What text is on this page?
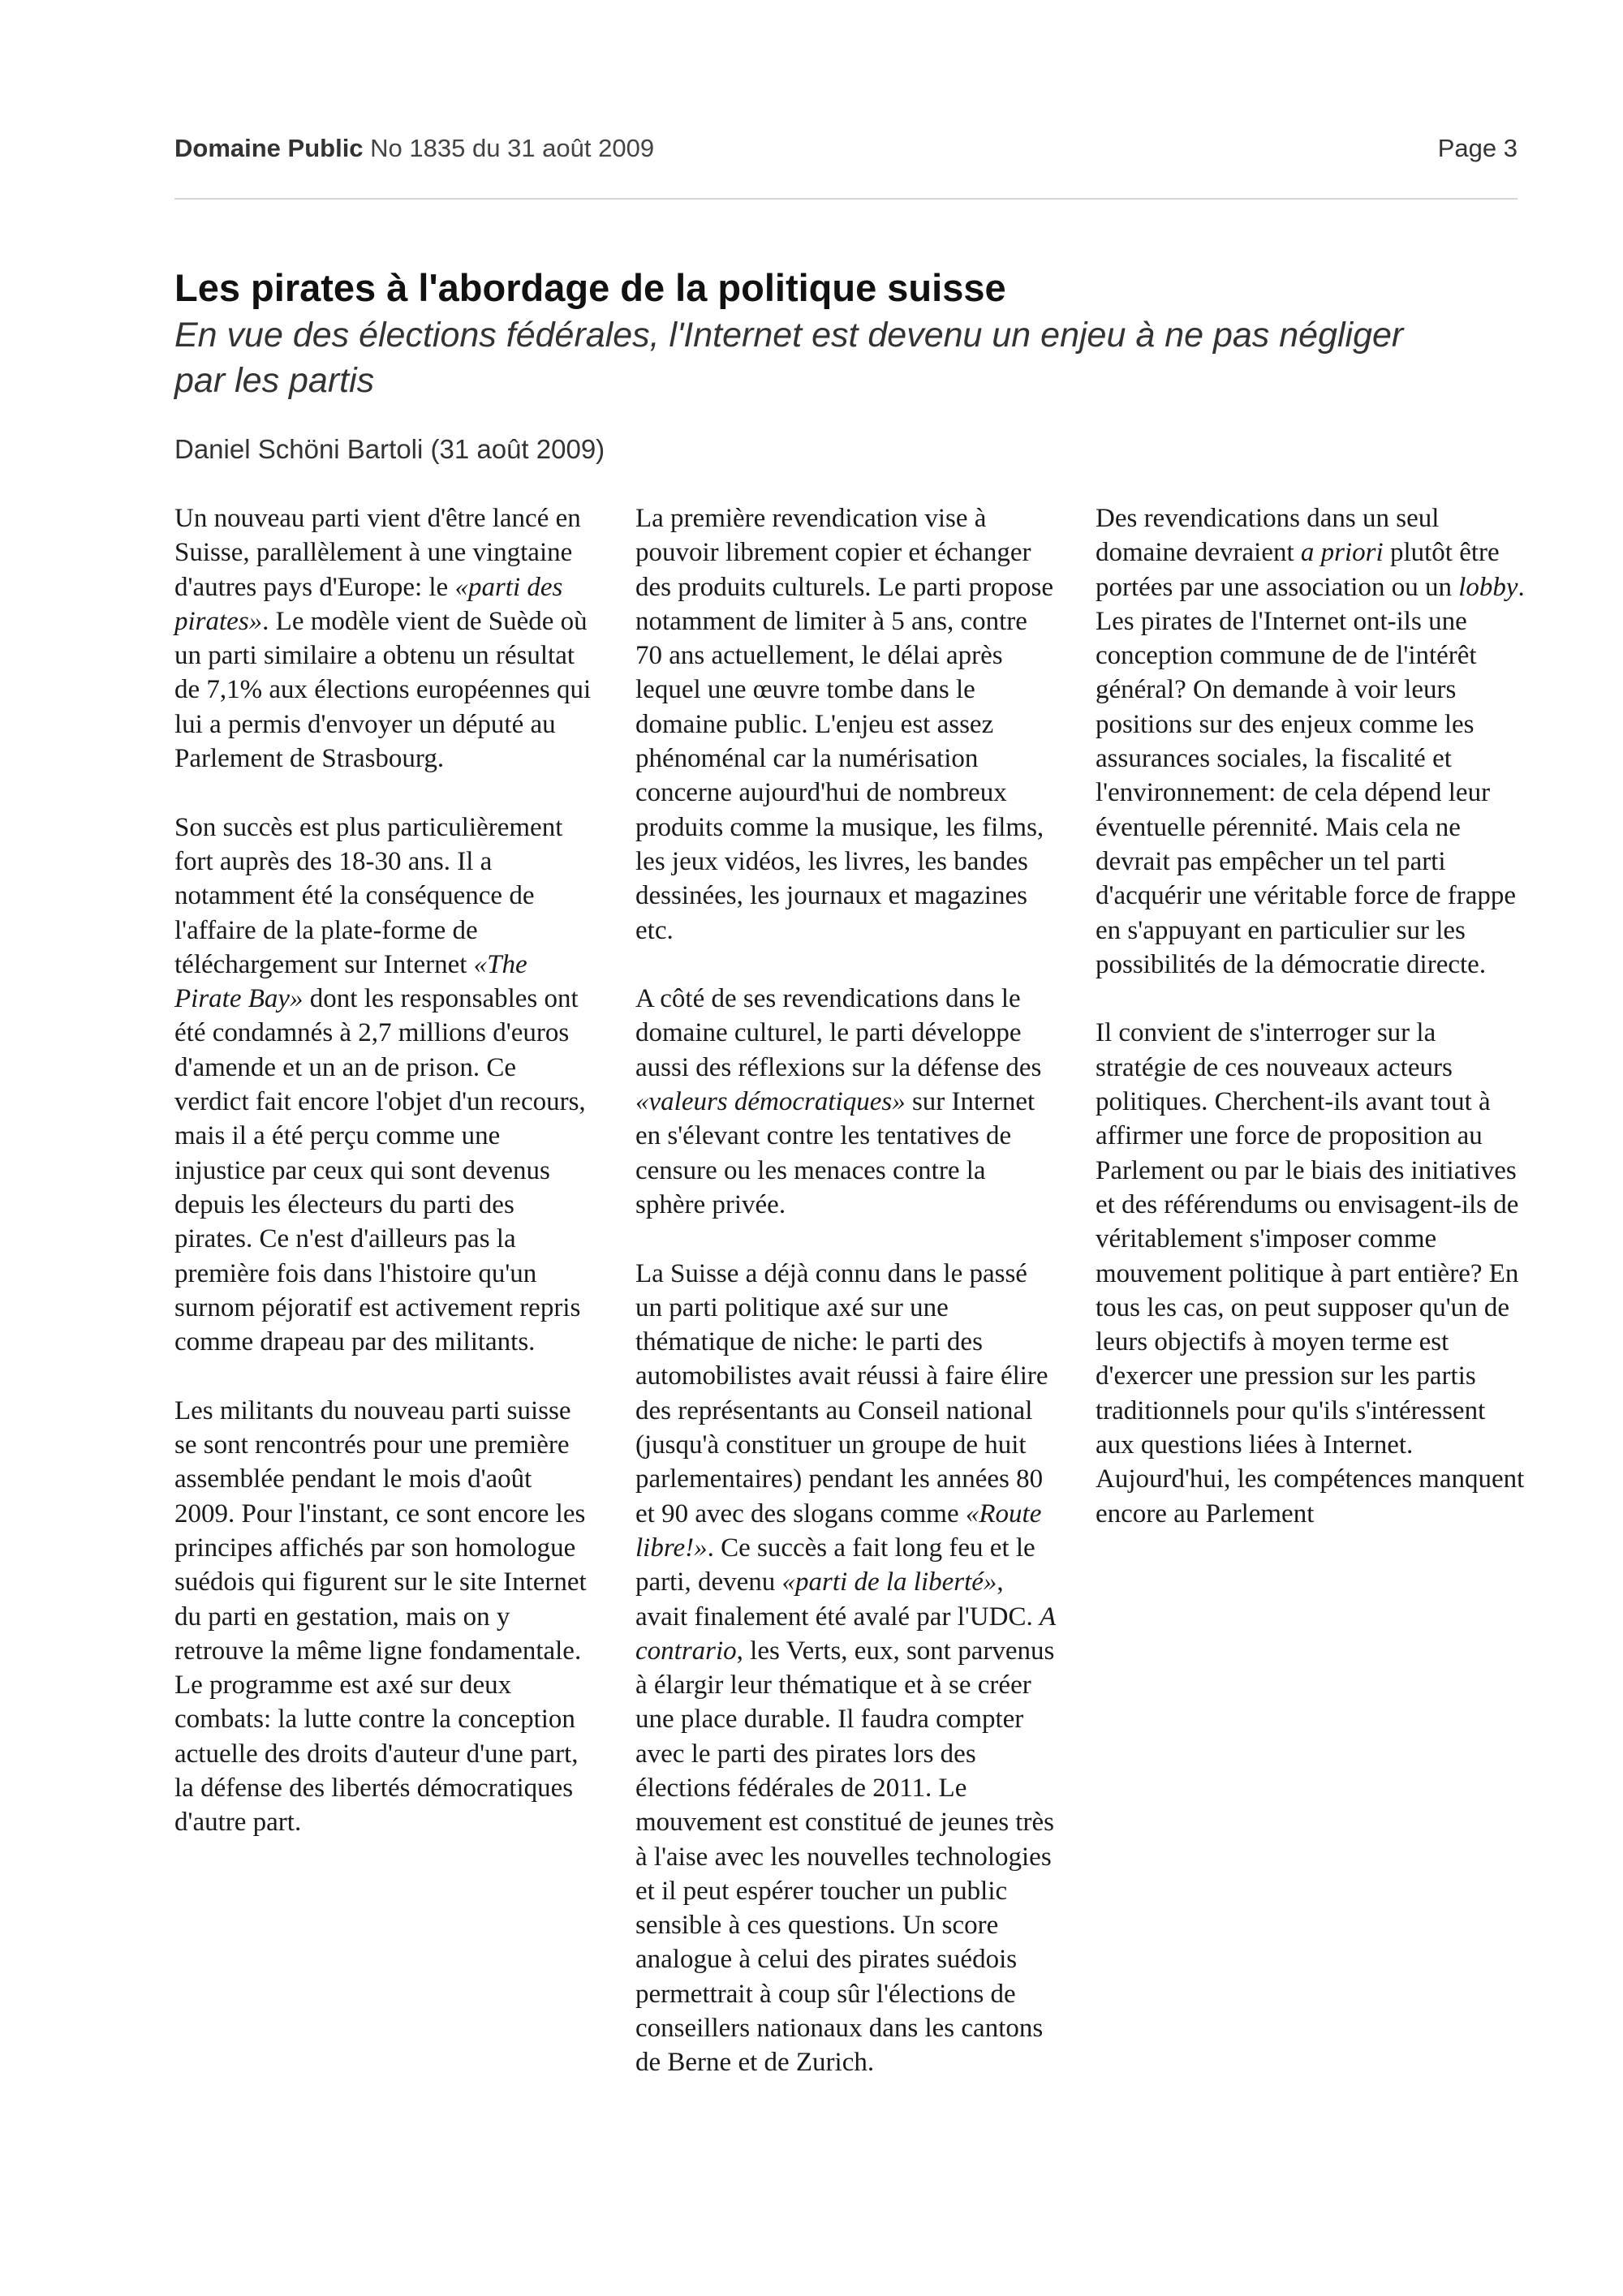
Domaine Public No 1835 du 31 août 2009	Page 3
Les pirates à l'abordage de la politique suisse

En vue des élections fédérales, l'Internet est devenu un enjeu à ne pas négliger par les partis

Daniel Schöni Bartoli (31 août 2009)

Un nouveau parti vient d'être lancé en Suisse, parallèlement à une vingtaine d'autres pays d'Europe: le «parti des pirates». Le modèle vient de Suède où un parti similaire a obtenu un résultat de 7,1% aux élections européennes qui lui a permis d'envoyer un député au Parlement de Strasbourg.

Son succès est plus particulièrement fort auprès des 18-30 ans. Il a notamment été la conséquence de l'affaire de la plate-forme de téléchargement sur Internet «The Pirate Bay» dont les responsables ont été condamnés à 2,7 millions d'euros d'amende et un an de prison. Ce verdict fait encore l'objet d'un recours, mais il a été perçu comme une injustice par ceux qui sont devenus depuis les électeurs du parti des pirates. Ce n'est d'ailleurs pas la première fois dans l'histoire qu'un surnom péjoratif est activement repris comme drapeau par des militants.

Les militants du nouveau parti suisse se sont rencontrés pour une première assemblée pendant le mois d'août 2009. Pour l'instant, ce sont encore les principes affichés par son homologue suédois qui figurent sur le site Internet du parti en gestation, mais on y retrouve la même ligne fondamentale. Le programme est axé sur deux combats: la lutte contre la conception actuelle des droits d'auteur d'une part, la défense des libertés démocratiques d'autre part.

La première revendication vise à pouvoir librement copier et échanger des produits culturels. Le parti propose notamment de limiter à 5 ans, contre 70 ans actuellement, le délai après lequel une œuvre tombe dans le domaine public. L'enjeu est assez phénoménal car la numérisation concerne aujourd'hui de nombreux produits comme la musique, les films, les jeux vidéos, les livres, les bandes dessinées, les journaux et magazines etc.

A côté de ses revendications dans le domaine culturel, le parti développe aussi des réflexions sur la défense des «valeurs démocratiques» sur Internet en s'élevant contre les tentatives de censure ou les menaces contre la sphère privée.

La Suisse a déjà connu dans le passé un parti politique axé sur une thématique de niche: le parti des automobilistes avait réussi à faire élire des représentants au Conseil national (jusqu'à constituer un groupe de huit parlementaires) pendant les années 80 et 90 avec des slogans comme «Route libre!». Ce succès a fait long feu et le parti, devenu «parti de la liberté», avait finalement été avalé par l'UDC. A contrario, les Verts, eux, sont parvenus à élargir leur thématique et à se créer une place durable. Il faudra compter avec le parti des pirates lors des élections fédérales de 2011. Le mouvement est constitué de jeunes très à l'aise avec les nouvelles technologies et il peut espérer toucher un public sensible à ces questions. Un score analogue à celui des pirates suédois permettrait à coup sûr l'élections de conseillers nationaux dans les cantons de Berne et de Zurich.

Des revendications dans un seul domaine devraient a priori plutôt être portées par une association ou un lobby. Les pirates de l'Internet ont-ils une conception commune de de l'intérêt général? On demande à voir leurs positions sur des enjeux comme les assurances sociales, la fiscalité et l'environnement: de cela dépend leur éventuelle pérennité. Mais cela ne devrait pas empêcher un tel parti d'acquérir une véritable force de frappe en s'appuyant en particulier sur les possibilités de la démocratie directe.

Il convient de s'interroger sur la stratégie de ces nouveaux acteurs politiques. Cherchent-ils avant tout à affirmer une force de proposition au Parlement ou par le biais des initiatives et des référendums ou envisagent-ils de véritablement s'imposer comme mouvement politique à part entière? En tous les cas, on peut supposer qu'un de leurs objectifs à moyen terme est d'exercer une pression sur les partis traditionnels pour qu'ils s'intéressent aux questions liées à Internet. Aujourd'hui, les compétences manquent encore au Parlement
